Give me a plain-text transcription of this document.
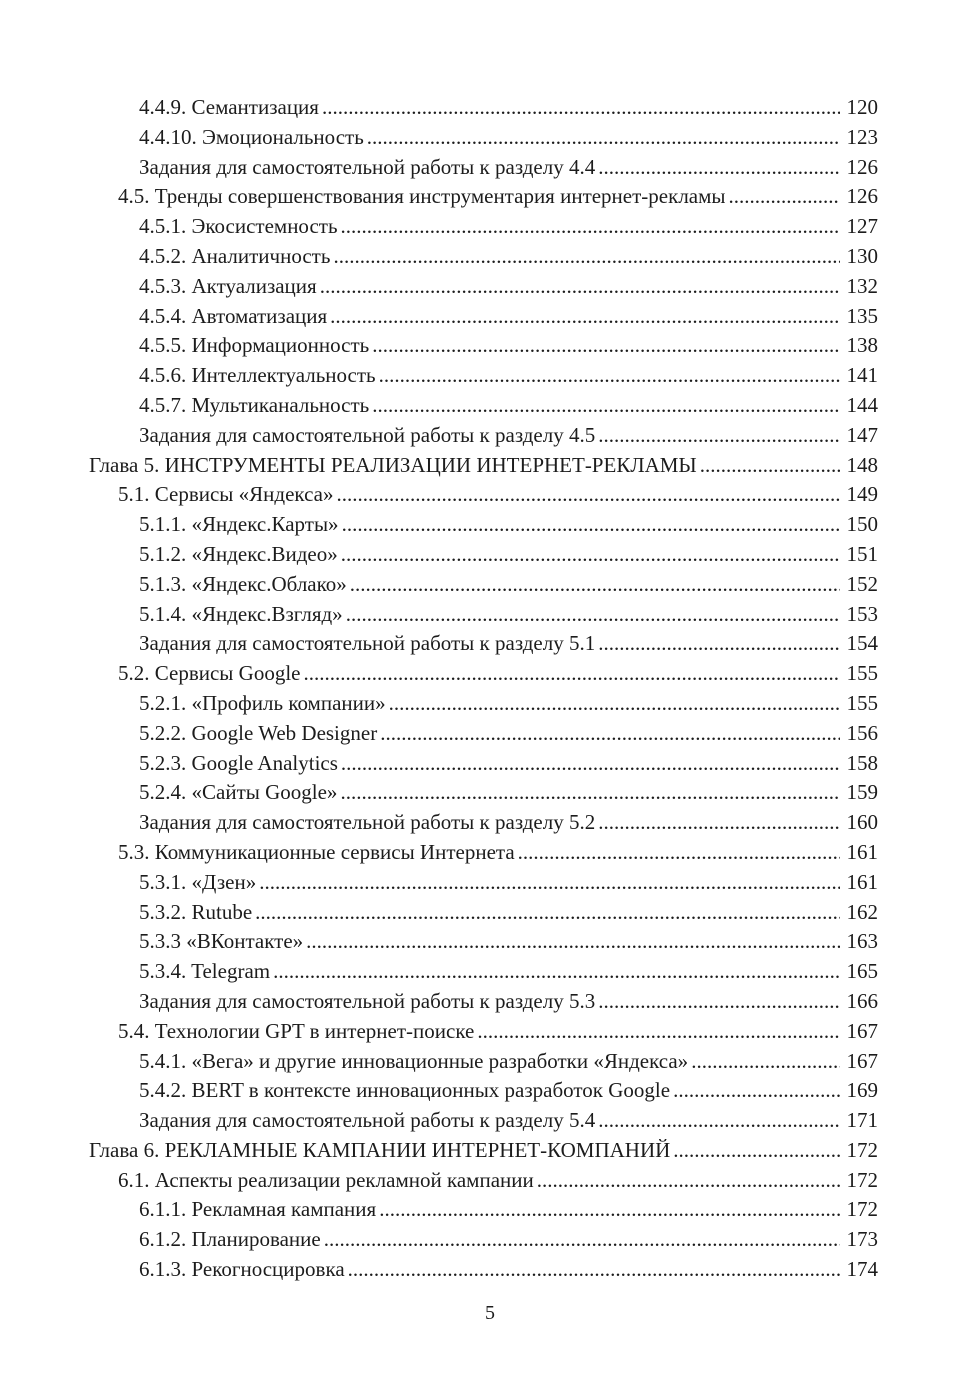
4.4.9. Семантизация .....	120
4.4.10. Эмоциональность .....	123
Задания для самостоятельной работы к разделу 4.4 .....	126
4.5. Тренды совершенствования инструментария интернет-рекламы .....	126
4.5.1. Экосистемность .....	127
4.5.2. Аналитичность .....	130
4.5.3. Актуализация .....	132
4.5.4. Автоматизация .....	135
4.5.5. Информационность .....	138
4.5.6. Интеллектуальность .....	141
4.5.7. Мультиканальность .....	144
Задания для самостоятельной работы к разделу 4.5 .....	147
Глава 5. ИНСТРУМЕНТЫ РЕАЛИЗАЦИИ ИНТЕРНЕТ-РЕКЛАМЫ .....	148
5.1. Сервисы «Яндекса» .....	149
5.1.1. «Яндекс.Карты» .....	150
5.1.2. «Яндекс.Видео» .....	151
5.1.3. «Яндекс.Облако» .....	152
5.1.4. «Яндекс.Взгляд» .....	153
Задания для самостоятельной работы к разделу 5.1 .....	154
5.2. Сервисы Google .....	155
5.2.1. «Профиль компании» .....	155
5.2.2. Google Web Designer .....	156
5.2.3. Google Analytics .....	158
5.2.4. «Сайты Google» .....	159
Задания для самостоятельной работы к разделу 5.2 .....	160
5.3. Коммуникационные сервисы Интернета .....	161
5.3.1. «Дзен» .....	161
5.3.2. Rutube .....	162
5.3.3 «ВКонтакте» .....	163
5.3.4. Telegram .....	165
Задания для самостоятельной работы к разделу 5.3 .....	166
5.4. Технологии GPT в интернет-поиске .....	167
5.4.1. «Вега» и другие инновационные разработки «Яндекса» .....	167
5.4.2. BERT в контексте инновационных разработок Google .....	169
Задания для самостоятельной работы к разделу 5.4 .....	171
Глава 6. РЕКЛАМНЫЕ КАМПАНИИ ИНТЕРНЕТ-КОМПАНИЙ .....	172
6.1. Аспекты реализации рекламной кампании .....	172
6.1.1. Рекламная кампания .....	172
6.1.2. Планирование .....	173
6.1.3. Рекогносцировка .....	174
5
